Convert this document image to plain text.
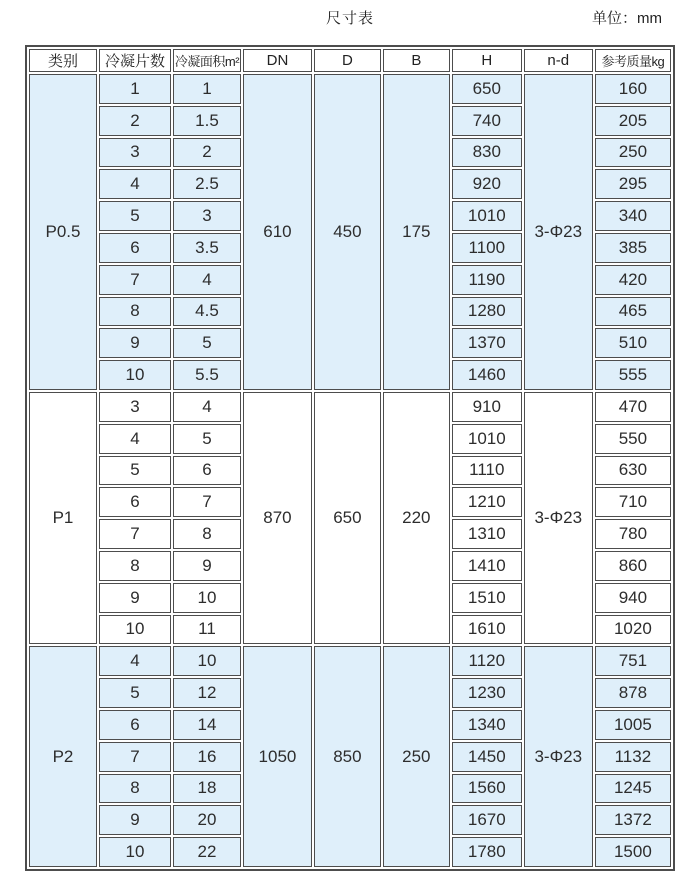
尺寸表	单位：mm
类别	冷凝片数	冷凝面积m²	DN	D	B	H	n-d	参考质量kg
P0.5	1	1	610	450	175	650	3-Φ23	160
	2	1.5				740		205
	3	2				830		250
	4	2.5				920		295
	5	3				1010		340
	6	3.5				1100		385
	7	4				1190		420
	8	4.5				1280		465
	9	5				1370		510
	10	5.5				1460		555
P1	3	4	870	650	220	910	3-Φ23	470
	4	5				1010		550
	5	6				1110		630
	6	7				1210		710
	7	8				1310		780
	8	9				1410		860
	9	10				1510		940
	10	11				1610		1020
P2	4	10	1050	850	250	1120	3-Φ23	751
	5	12				1230		878
	6	14				1340		1005
	7	16				1450		1132
	8	18				1560		1245
	9	20				1670		1372
	10	22				1780		1500
